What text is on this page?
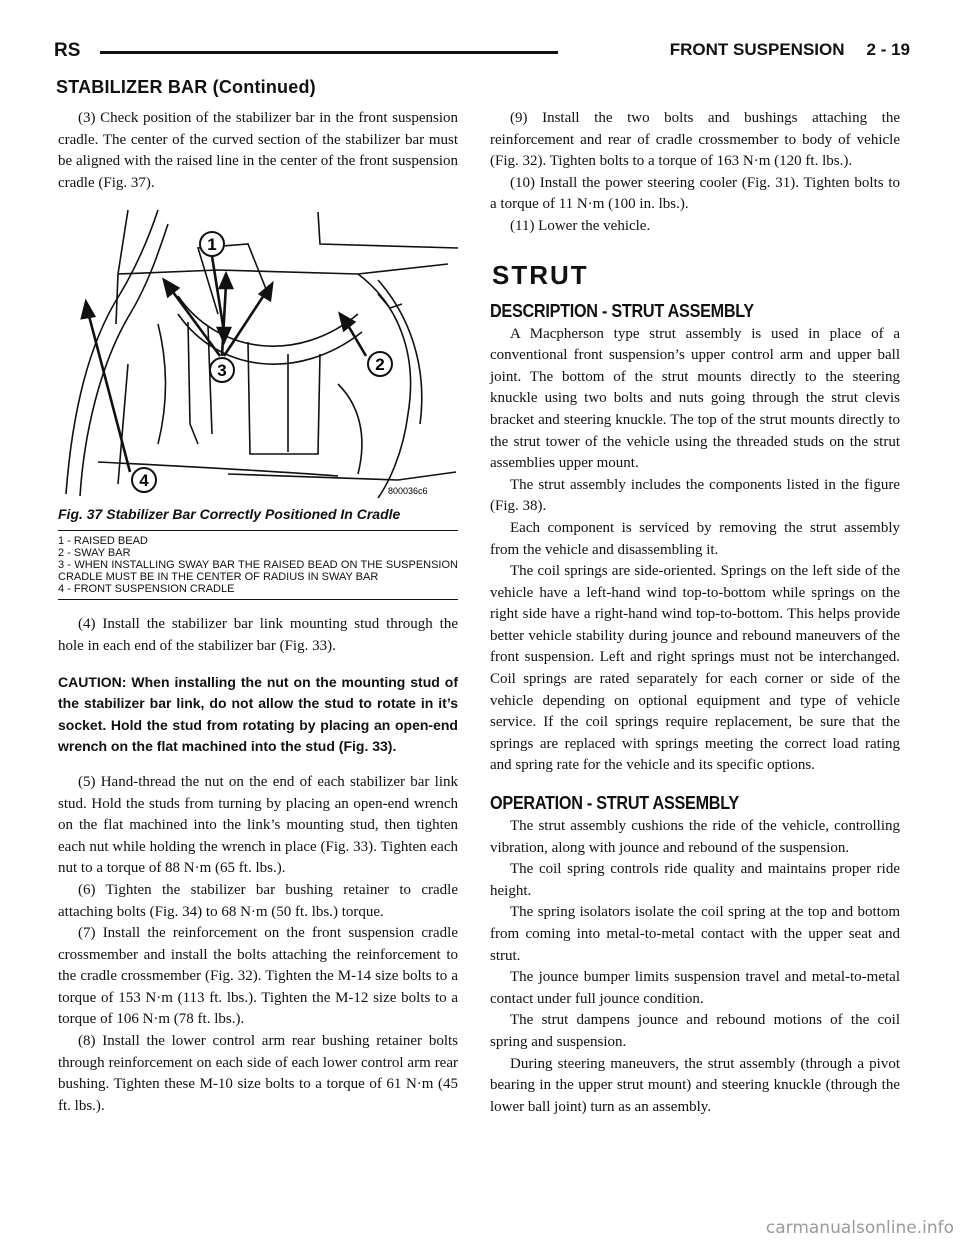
RS	FRONT SUSPENSION 2 - 19
STABILIZER BAR (Continued)

(3) Check position of the stabilizer bar in the front suspension cradle. The center of the curved section of the stabilizer bar must be aligned with the raised line in the center of the front suspension cradle (Fig. 37).

1
2
3
4
800036c6
Fig. 37 Stabilizer Bar Correctly Positioned In Cradle
1 - RAISED BEAD
2 - SWAY BAR
3 - WHEN INSTALLING SWAY BAR THE RAISED BEAD ON THE SUSPENSION CRADLE MUST BE IN THE CENTER OF RADIUS IN SWAY BAR
4 - FRONT SUSPENSION CRADLE

(4) Install the stabilizer bar link mounting stud through the hole in each end of the stabilizer bar (Fig. 33).

CAUTION: When installing the nut on the mounting stud of the stabilizer bar link, do not allow the stud to rotate in it’s socket. Hold the stud from rotating by placing an open-end wrench on the flat machined into the stud (Fig. 33).

(5) Hand-thread the nut on the end of each stabilizer bar link stud. Hold the studs from turning by placing an open-end wrench on the flat machined into the link’s mounting stud, then tighten each nut while holding the wrench in place (Fig. 33). Tighten each nut to a torque of 88 N·m (65 ft. lbs.).

(6) Tighten the stabilizer bar bushing retainer to cradle attaching bolts (Fig. 34) to 68 N·m (50 ft. lbs.) torque.

(7) Install the reinforcement on the front suspension cradle crossmember and install the bolts attaching the reinforcement to the cradle crossmember (Fig. 32). Tighten the M-14 size bolts to a torque of 153 N·m (113 ft. lbs.). Tighten the M-12 size bolts to a torque of 106 N·m (78 ft. lbs.).

(8) Install the lower control arm rear bushing retainer bolts through reinforcement on each side of each lower control arm rear bushing. Tighten these M-10 size bolts to a torque of 61 N·m (45 ft. lbs.).

(9) Install the two bolts and bushings attaching the reinforcement and rear of cradle crossmember to body of vehicle (Fig. 32). Tighten bolts to a torque of 163 N·m (120 ft. lbs.).

(10) Install the power steering cooler (Fig. 31). Tighten bolts to a torque of 11 N·m (100 in. lbs.).

(11) Lower the vehicle.

STRUT
DESCRIPTION - STRUT ASSEMBLY

A Macpherson type strut assembly is used in place of a conventional front suspension’s upper control arm and upper ball joint. The bottom of the strut mounts directly to the steering knuckle using two bolts and nuts going through the strut clevis bracket and steering knuckle. The top of the strut mounts directly to the strut tower of the vehicle using the threaded studs on the strut assemblies upper mount.

The strut assembly includes the components listed in the figure (Fig. 38).

Each component is serviced by removing the strut assembly from the vehicle and disassembling it.

The coil springs are side-oriented. Springs on the left side of the vehicle have a left-hand wind top-to-bottom while springs on the right side have a right-hand wind top-to-bottom. This helps provide better vehicle stability during jounce and rebound maneuvers of the front suspension. Left and right springs must not be interchanged. Coil springs are rated separately for each corner or side of the vehicle depending on optional equipment and type of vehicle service. If the coil springs require replacement, be sure that the springs are replaced with springs meeting the correct load rating and spring rate for the vehicle and its specific options.

OPERATION - STRUT ASSEMBLY

The strut assembly cushions the ride of the vehicle, controlling vibration, along with jounce and rebound of the suspension.

The coil spring controls ride quality and maintains proper ride height.

The spring isolators isolate the coil spring at the top and bottom from coming into metal-to-metal contact with the upper seat and strut.

The jounce bumper limits suspension travel and metal-to-metal contact under full jounce condition.

The strut dampens jounce and rebound motions of the coil spring and suspension.

During steering maneuvers, the strut assembly (through a pivot bearing in the upper strut mount) and steering knuckle (through the lower ball joint) turn as an assembly.

carmanualsonline.info
